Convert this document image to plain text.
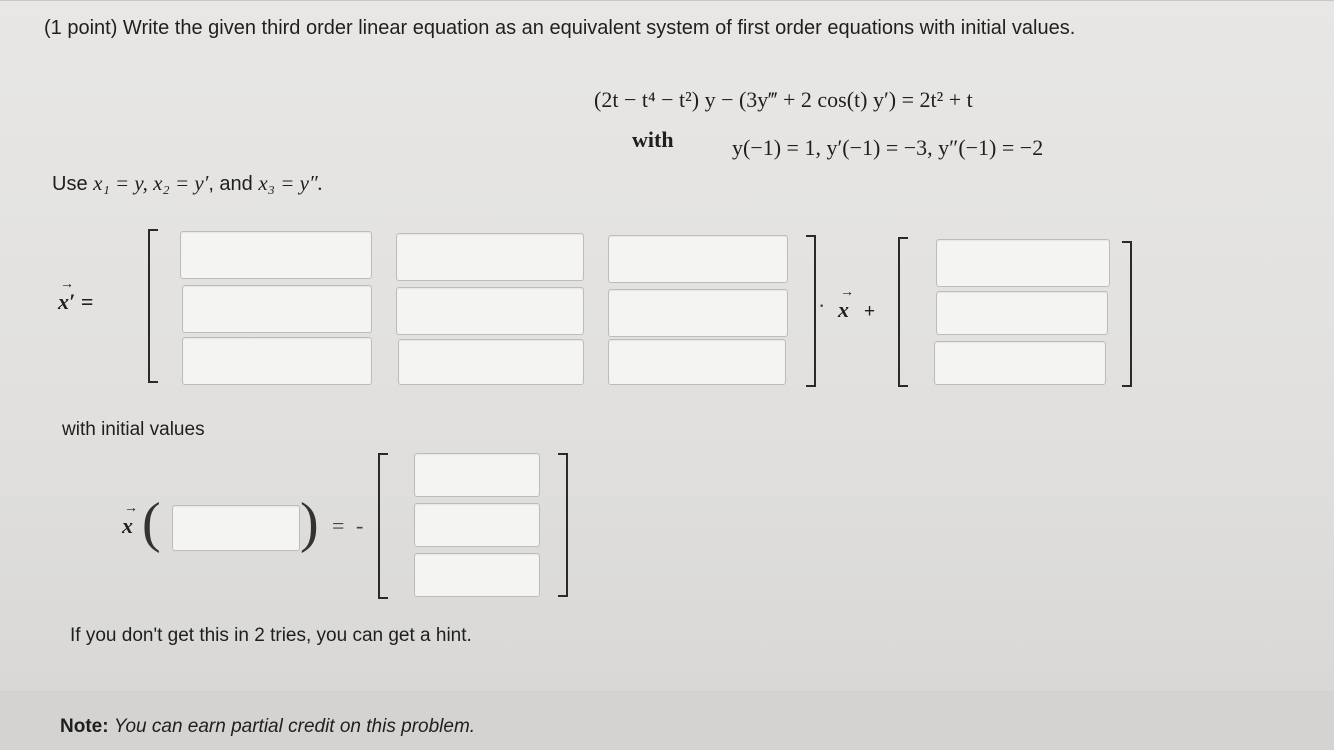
(1 point) Write the given third order linear equation as an equivalent system of first order equations with initial values.
(2t − t⁴ − t²) y − (3y‴ + 2 cos(t) y′) = 2t² + t
with	y(−1) = 1, y′(−1) = −3, y″(−1) = −2
Use x₁ = y, x₂ = y′, and x₃ = y″.
→
x′ =	·
→
x +
with initial values
→
x ( ) = -
If you don't get this in 2 tries, you can get a hint.
Note: You can earn partial credit on this problem.
